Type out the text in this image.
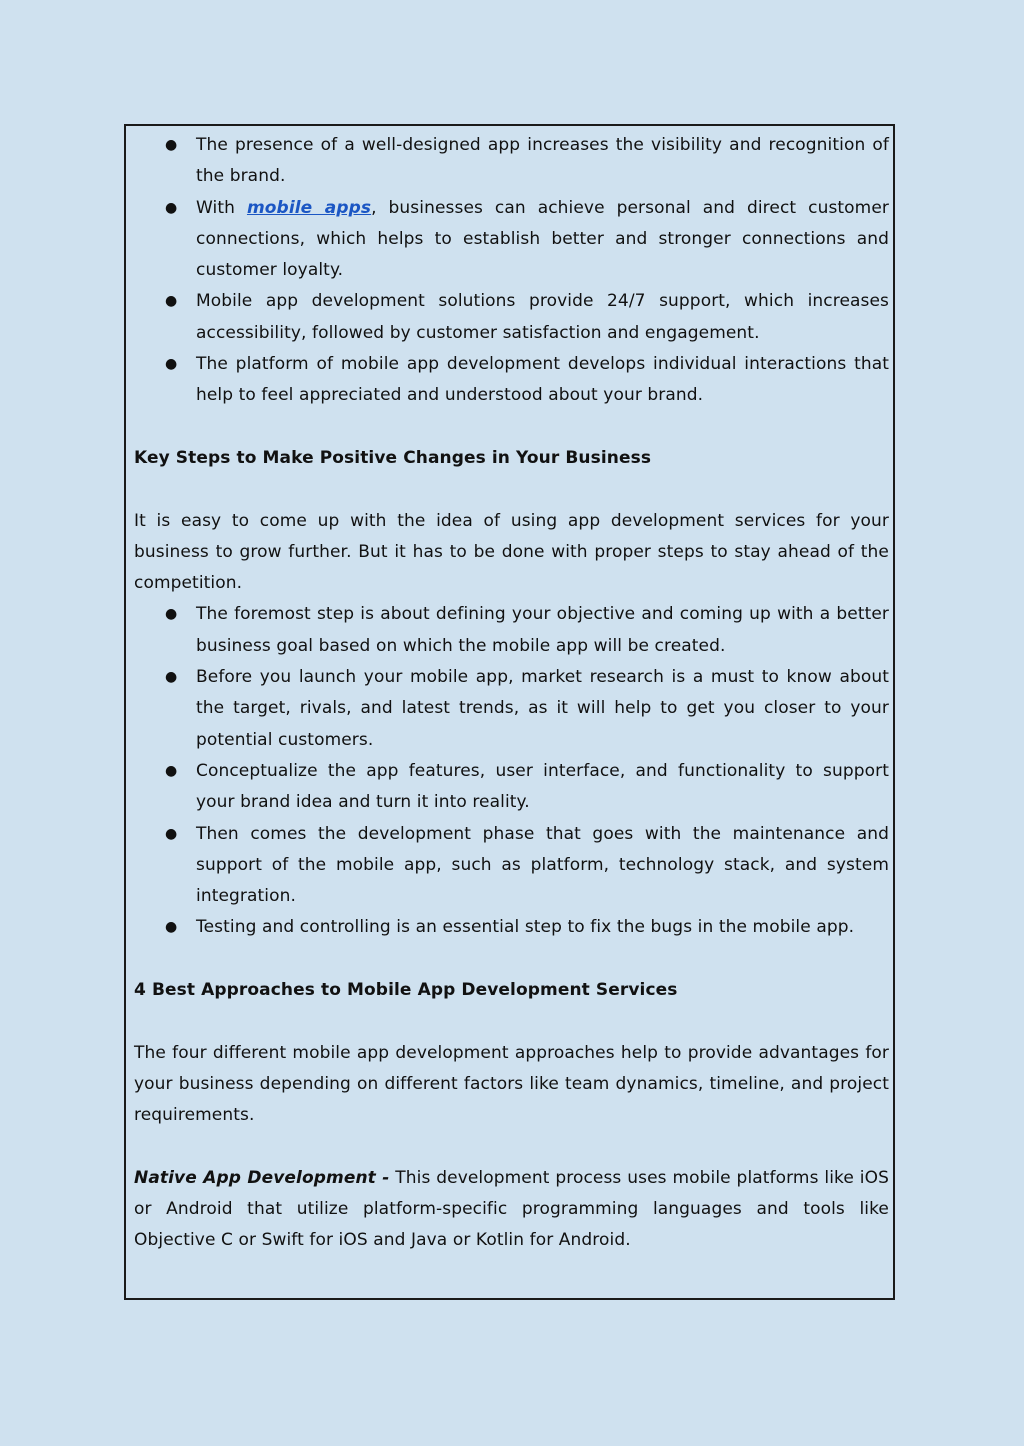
● The presence of a well-designed app increases the visibility and recognition of the brand.
● With mobile apps, businesses can achieve personal and direct customer connections, which helps to establish better and stronger connections and customer loyalty.
● Mobile app development solutions provide 24/7 support, which increases accessibility, followed by customer satisfaction and engagement.
● The platform of mobile app development develops individual interactions that help to feel appreciated and understood about your brand.
Key Steps to Make Positive Changes in Your Business

It is easy to come up with the idea of using app development services for your business to grow further. But it has to be done with proper steps to stay ahead of the competition.

● The foremost step is about defining your objective and coming up with a better business goal based on which the mobile app will be created.
● Before you launch your mobile app, market research is a must to know about the target, rivals, and latest trends, as it will help to get you closer to your potential customers.
● Conceptualize the app features, user interface, and functionality to support your brand idea and turn it into reality.
● Then comes the development phase that goes with the maintenance and support of the mobile app, such as platform, technology stack, and system integration.
● Testing and controlling is an essential step to fix the bugs in the mobile app.
4 Best Approaches to Mobile App Development Services

The four different mobile app development approaches help to provide advantages for your business depending on different factors like team dynamics, timeline, and project requirements.

Native App Development - This development process uses mobile platforms like iOS or Android that utilize platform-specific programming languages and tools like Objective C or Swift for iOS and Java or Kotlin for Android.
